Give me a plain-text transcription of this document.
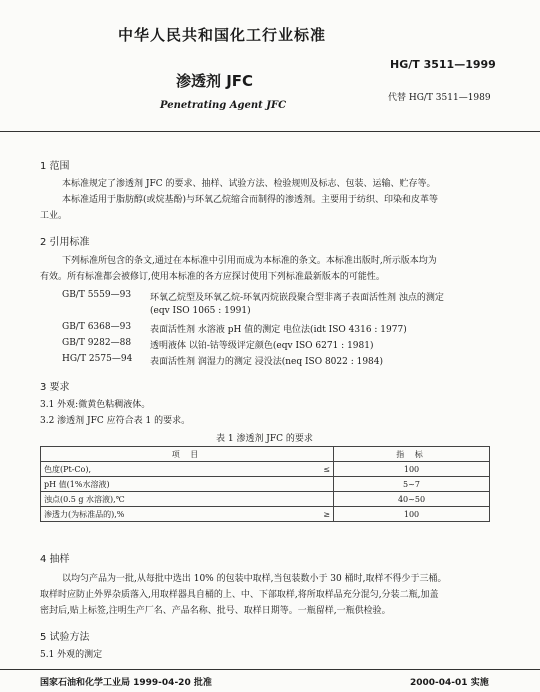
中华人民共和国化工行业标准
HG/T 3511—1999
渗透剂 JFC
代替 HG/T 3511—1989
Penetrating Agent JFC
1 范围
本标准规定了渗透剂 JFC 的要求、抽样、试验方法、检验规则及标志、包装、运输、贮存等。
本标准适用于脂肪醇(或烷基酚)与环氧乙烷缩合而制得的渗透剂。主要用于纺织、印染和皮革等
工业。
2 引用标准
下列标准所包含的条文,通过在本标准中引用而成为本标准的条文。本标准出版时,所示版本均为
有效。所有标准都会被修订,使用本标准的各方应探讨使用下列标准最新版本的可能性。
GB/T 5559—93 环氧乙烷型及环氧乙烷-环氧丙烷嵌段聚合型非离子表面活性剂 浊点的测定
(eqv ISO 1065 : 1991)
GB/T 6368—93 表面活性剂 水溶液 pH 值的测定 电位法(idt ISO 4316 : 1977)
GB/T 9282—88 透明液体 以铂-钴等级评定颜色(eqv ISO 6271 : 1981)
HG/T 2575—94 表面活性剂 润湿力的测定 浸没法(neq ISO 8022 : 1984)
3 要求
3.1 外观:微黄色粘稠液体。
3.2 渗透剂 JFC 应符合表 1 的要求。
表 1 渗透剂 JFC 的要求
项 目		指 标
色度(Pt-Co),	≤	100
pH 值(1%水溶液)		5~7
浊点(0.5 g 水溶液),℃		40~50
渗透力(为标准品的),%	≥	100
4 抽样
以均匀产品为一批,从每批中选出 10% 的包装中取样,当包装数小于 30 桶时,取样不得少于三桶。
取样时应防止外界杂质落入,用取样器具自桶的上、中、下部取样,将所取样品充分混匀,分装二瓶,加盖
密封后,贴上标签,注明生产厂名、产品名称、批号、取样日期等。一瓶留样,一瓶供检验。
5 试验方法
5.1 外观的测定
国家石油和化学工业局 1999-04-20 批准	2000-04-01 实施
